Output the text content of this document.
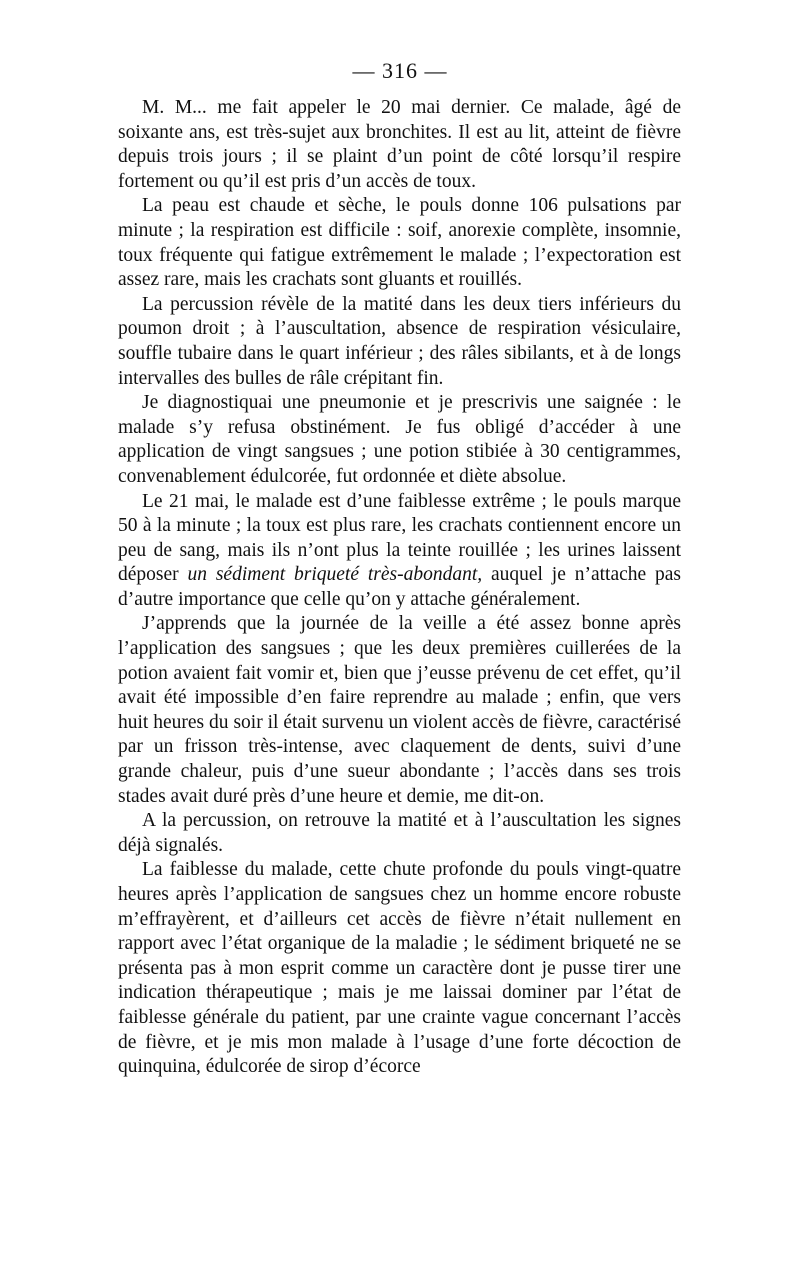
— 316 —

M. M... me fait appeler le 20 mai dernier. Ce malade, âgé de soixante ans, est très-sujet aux bronchites. Il est au lit, atteint de fièvre depuis trois jours ; il se plaint d’un point de côté lorsqu’il respire fortement ou qu’il est pris d’un accès de toux.

La peau est chaude et sèche, le pouls donne 106 pulsations par minute ; la respiration est difficile : soif, anorexie complète, insomnie, toux fréquente qui fatigue extrêmement le malade ; l’expectoration est assez rare, mais les crachats sont gluants et rouillés.

La percussion révèle de la matité dans les deux tiers inférieurs du poumon droit ; à l’auscultation, absence de respiration vésiculaire, souffle tubaire dans le quart inférieur ; des râles sibilants, et à de longs intervalles des bulles de râle crépitant fin.

Je diagnostiquai une pneumonie et je prescrivis une saignée : le malade s’y refusa obstinément. Je fus obligé d’accéder à une application de vingt sangsues ; une potion stibiée à 30 centigrammes, convenablement édulcorée, fut ordonnée et diète absolue.

Le 21 mai, le malade est d’une faiblesse extrême ; le pouls marque 50 à la minute ; la toux est plus rare, les crachats contiennent encore un peu de sang, mais ils n’ont plus la teinte rouillée ; les urines laissent déposer un sédiment briqueté très-abondant, auquel je n’attache pas d’autre importance que celle qu’on y attache généralement.

J’apprends que la journée de la veille a été assez bonne après l’application des sangsues ; que les deux premières cuillerées de la potion avaient fait vomir et, bien que j’eusse prévenu de cet effet, qu’il avait été impossible d’en faire reprendre au malade ; enfin, que vers huit heures du soir il était survenu un violent accès de fièvre, caractérisé par un frisson très-intense, avec claquement de dents, suivi d’une grande chaleur, puis d’une sueur abondante ; l’accès dans ses trois stades avait duré près d’une heure et demie, me dit-on.

A la percussion, on retrouve la matité et à l’auscultation les signes déjà signalés.

La faiblesse du malade, cette chute profonde du pouls vingt-quatre heures après l’application de sangsues chez un homme encore robuste m’effrayèrent, et d’ailleurs cet accès de fièvre n’était nullement en rapport avec l’état organique de la maladie ; le sédiment briqueté ne se présenta pas à mon esprit comme un caractère dont je pusse tirer une indication thérapeutique ; mais je me laissai dominer par l’état de faiblesse générale du patient, par une crainte vague concernant l’accès de fièvre, et je mis mon malade à l’usage d’une forte décoction de quinquina, édulcorée de sirop d’écorce
